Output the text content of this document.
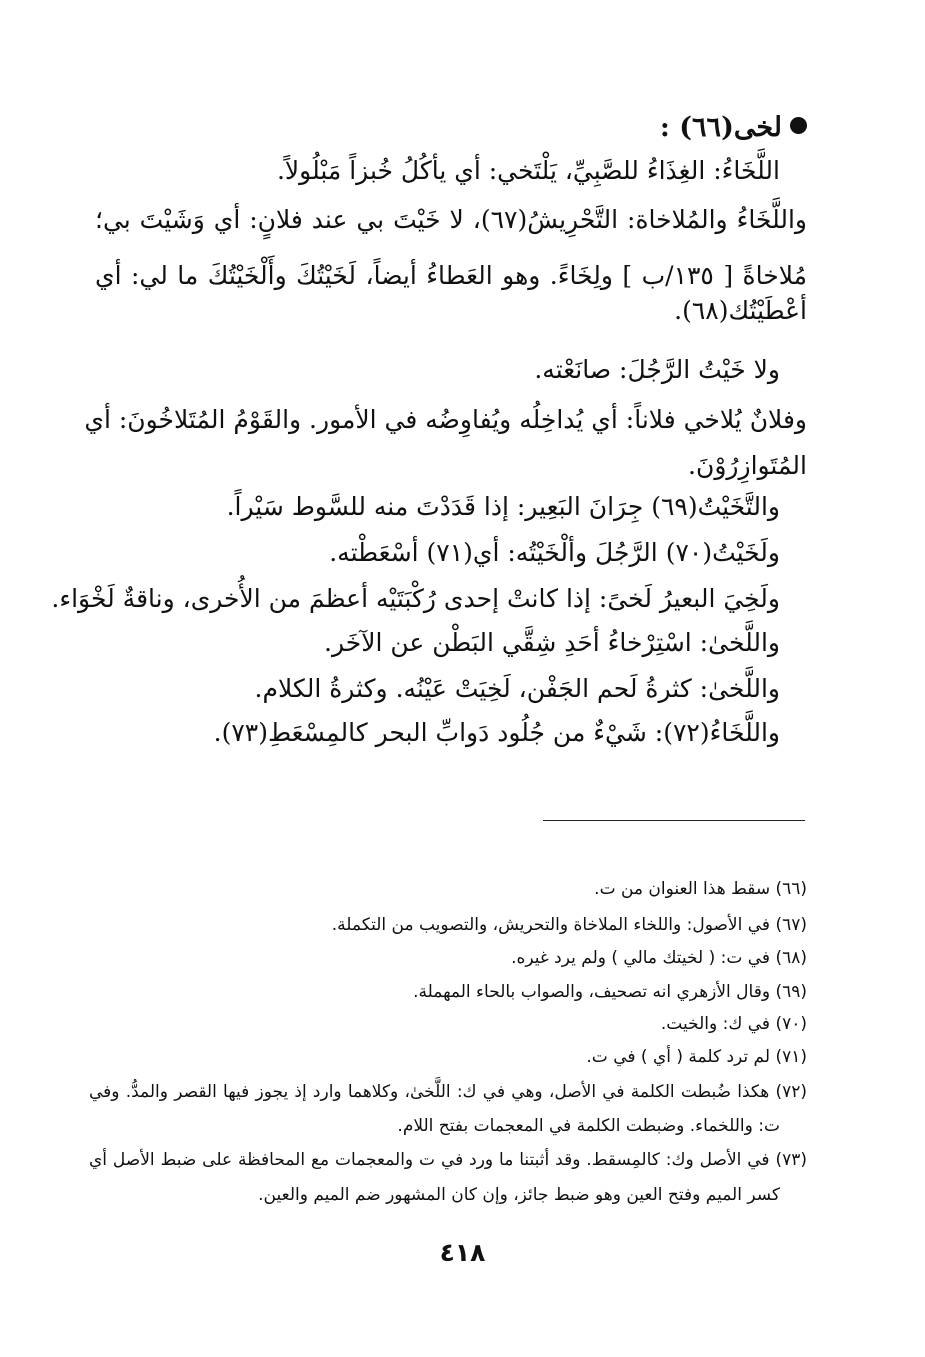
لخى(٦٦) :
اللَّخَاءُ: الغِذَاءُ للصَّبِيِّ، يَلْتَخي: أي يأكُلُ خُبزاً مَبْلُولاً.
واللَّخَاءُ والمُلاخاة: التَّحْرِيشُ(٦٧)، لا خَيْتَ بي عند فلانٍ: أي وَشَيْتَ بي؛
مُلاخاةً [ ١٣٥/ب ] ولِخَاءً. وهو العَطاءُ أيضاً، لَخَيْتُكَ وأَلْخَيْتُكَ ما لي: أي
أعْطَيْتُك(٦٨).
ولا خَيْتُ الرَّجُلَ: صانَعْته.
وفلانٌ يُلاخي فلاناً: أي يُداخِلُه ويُفاوِضُه في الأمور. والقَوْمُ المُتَلاخُونَ: أي
المُتَوازِرُوْنَ.
والتَّخَيْتُ(٦٩) جِرَانَ البَعِير: إذا قَدَدْتَ منه للسَّوط سَيْراً.
ولَخَيْتُ(٧٠) الرَّجُلَ وألْخَيْتُه: أي(٧١) أسْعَطْته.
ولَخِيَ البعيرُ لَخىً: إذا كانتْ إحدى رُكْبَتَيْه أعظمَ من الأُخرى، وناقةٌ لَخْوَاء.
واللَّخىٰ: اسْتِرْخاءُ أحَدِ شِقَّي البَطْن عن الآخَر.
واللَّخىٰ: كثرةُ لَحم الجَفْن، لَخِيَتْ عَيْنُه. وكثرةُ الكلام.
واللَّخَاءُ(٧٢): شَيْءٌ من جُلُود دَوابِّ البحر كالمِسْعَطِ(٧٣).
(٦٦) سقط هذا العنوان من ت.
(٦٧) في الأصول: واللخاء الملاخاة والتحريش، والتصويب من التكملة.
(٦٨) في ت: ( لخيتك مالي ) ولم يرد غيره.
(٦٩) وقال الأزهري انه تصحيف، والصواب بالحاء المهملة.
(٧٠) في ك: والخيت.
(٧١) لم ترد كلمة ( أي ) في ت.
(٧٢) هكذا ضُبطت الكلمة في الأصل، وهي في ك: اللَّخىٰ، وكلاهما وارد إذ يجوز فيها القصر والمدُّ. وفي
ت: واللخماء. وضبطت الكلمة في المعجمات بفتح اللام.
(٧٣) في الأصل وك: كالمِسقط. وقد أثبتنا ما ورد في ت والمعجمات مع المحافظة على ضبط الأصل أي
كسر الميم وفتح العين وهو ضبط جائز، وإن كان المشهور ضم الميم والعين.
٤١٨
